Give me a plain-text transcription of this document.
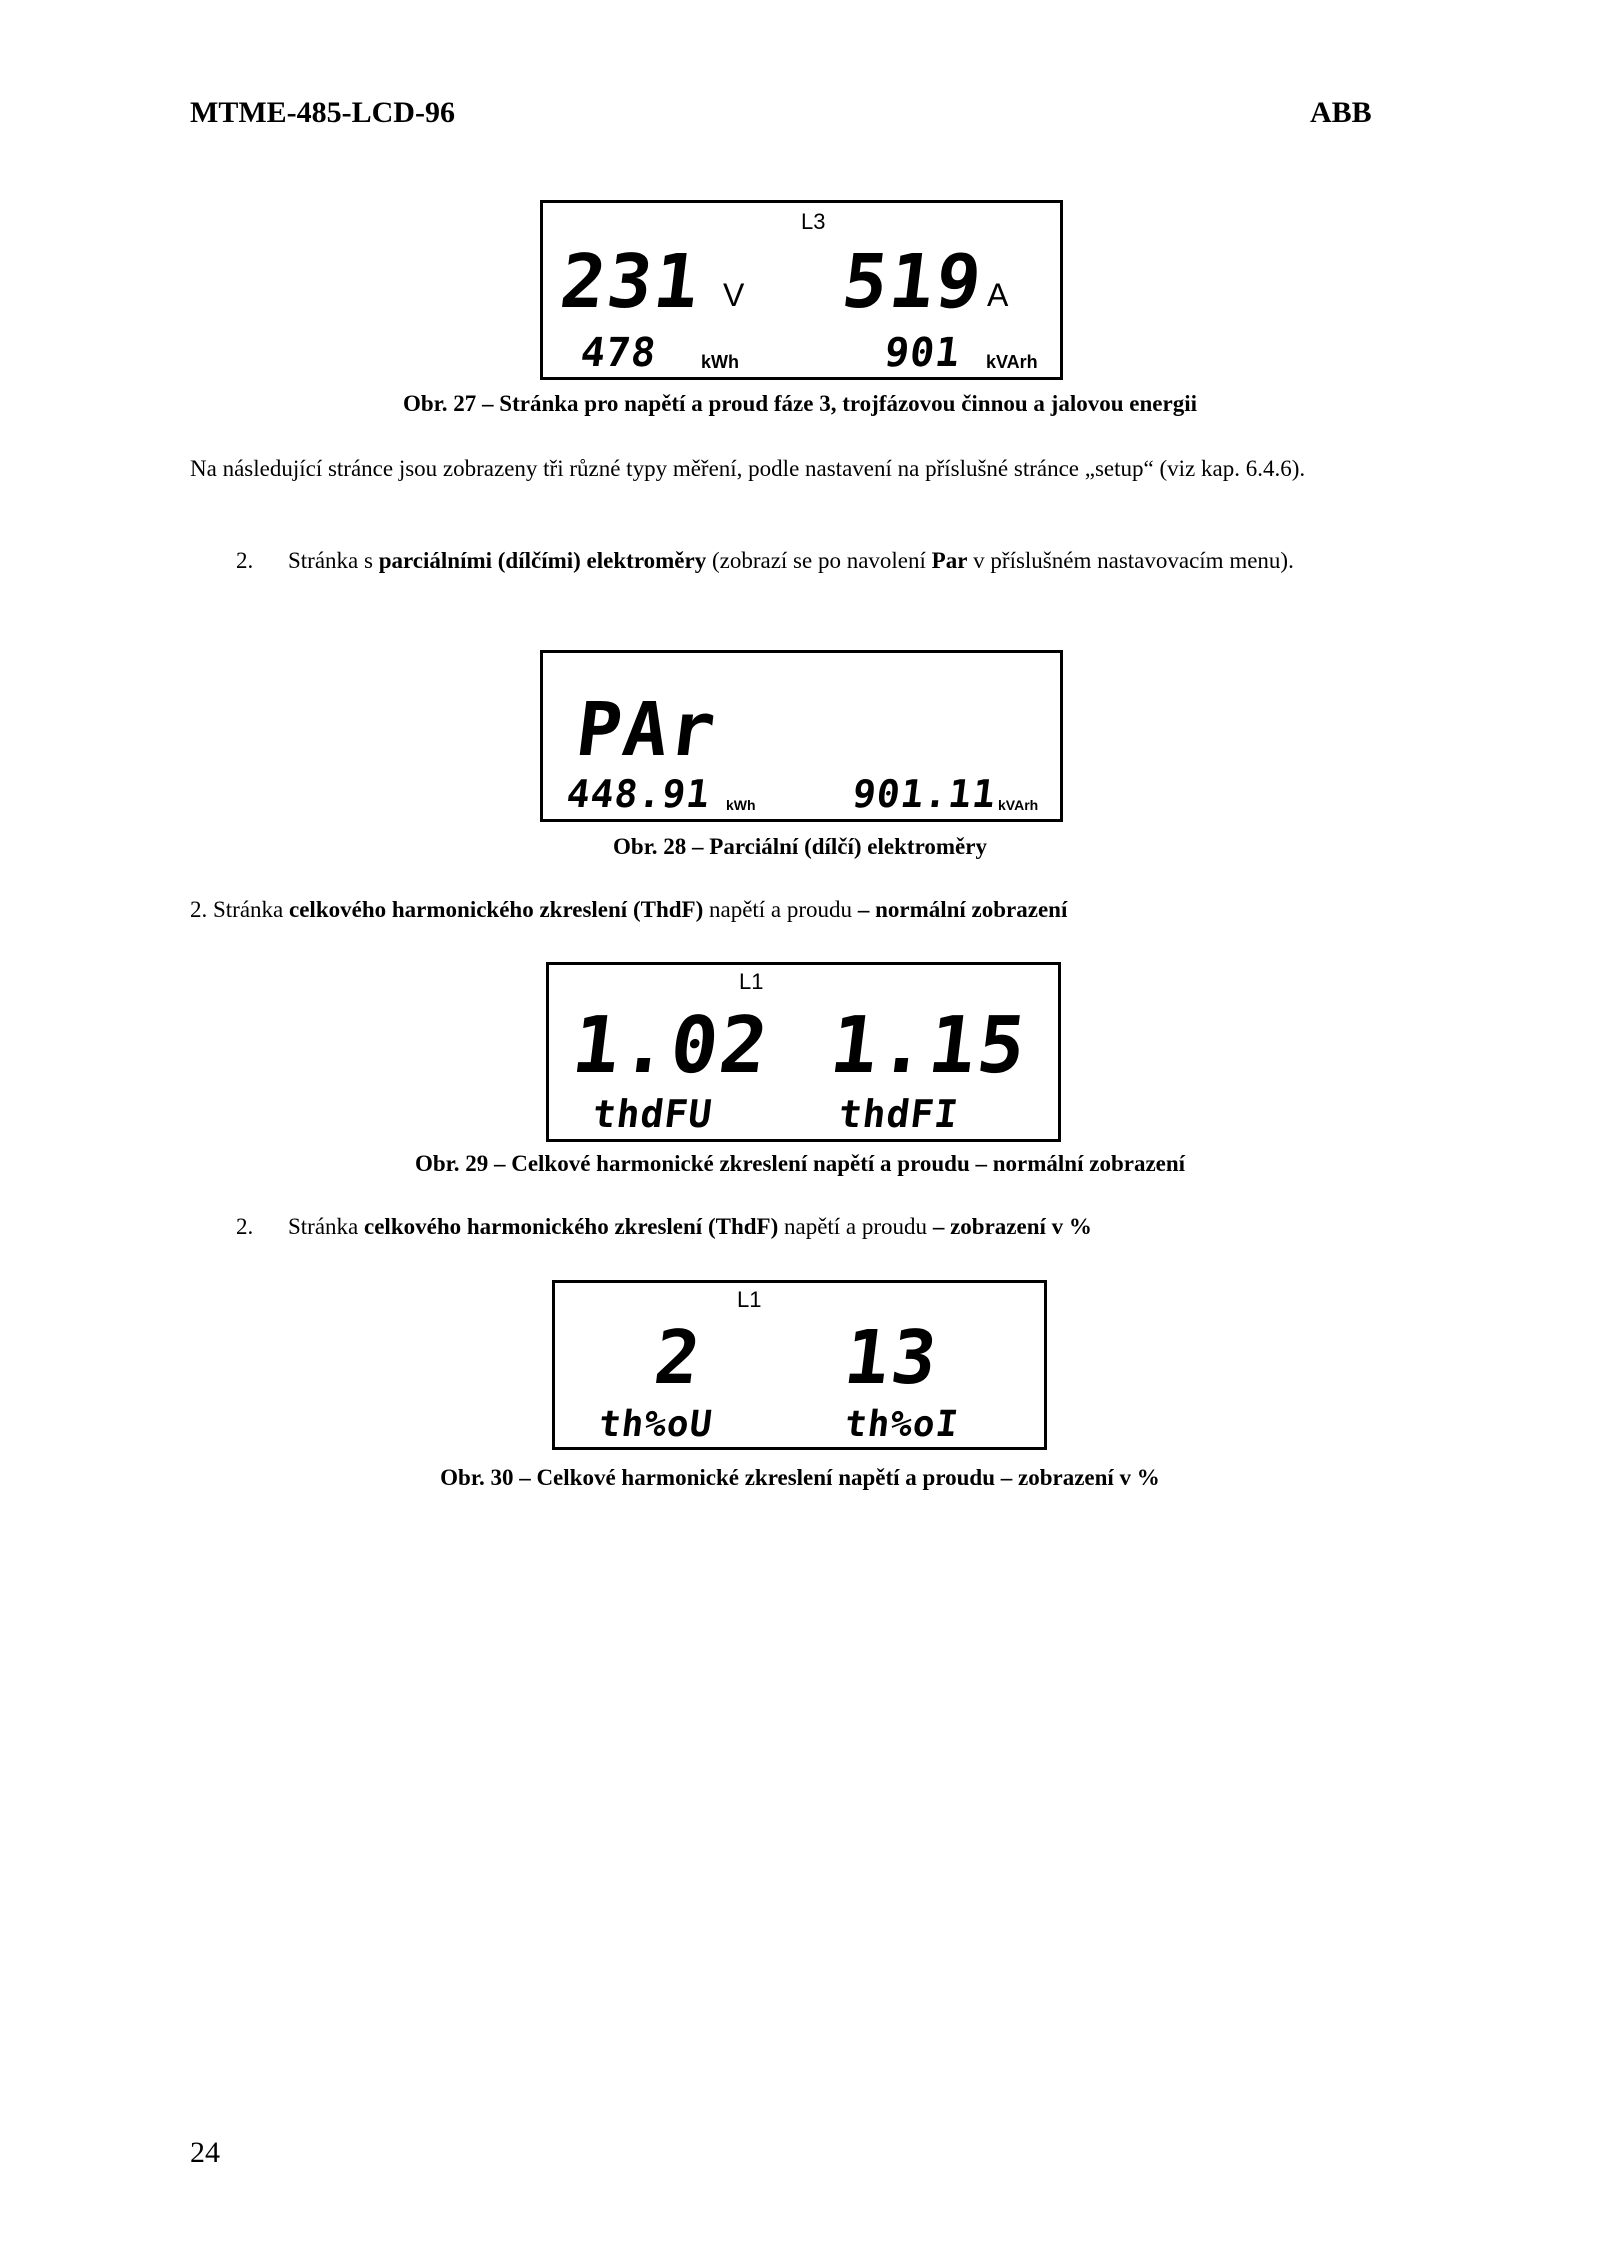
MTME-485-LCD-96	ABB
L3
231 V 519 A
478 kWh	901 kVArh
Obr. 27 – Stránka pro napětí a proud fáze 3, trojfázovou činnou a jalovou energii
Na následující stránce jsou zobrazeny tři různé typy měření, podle nastavení na příslušné stránce „setup“ (viz kap. 6.4.6).
2. Stránka s parciálními (dílčími) elektroměry (zobrazí se po navolení Par v příslušném nastavovacím menu).
PAr
448.91 kWh 901.11 kVArh
Obr. 28 – Parciální (dílčí) elektroměry
2. Stránka celkového harmonického zkreslení (ThdF) napětí a proudu – normální zobrazení
L1
1.02 1.15
thdFU	thdFI
Obr. 29 – Celkové harmonické zkreslení napětí a proudu – normální zobrazení
2. Stránka celkového harmonického zkreslení (ThdF) napětí a proudu – zobrazení v %
L1
2 13
th%oU	th%oI
Obr. 30 – Celkové harmonické zkreslení napětí a proudu – zobrazení v %
24
